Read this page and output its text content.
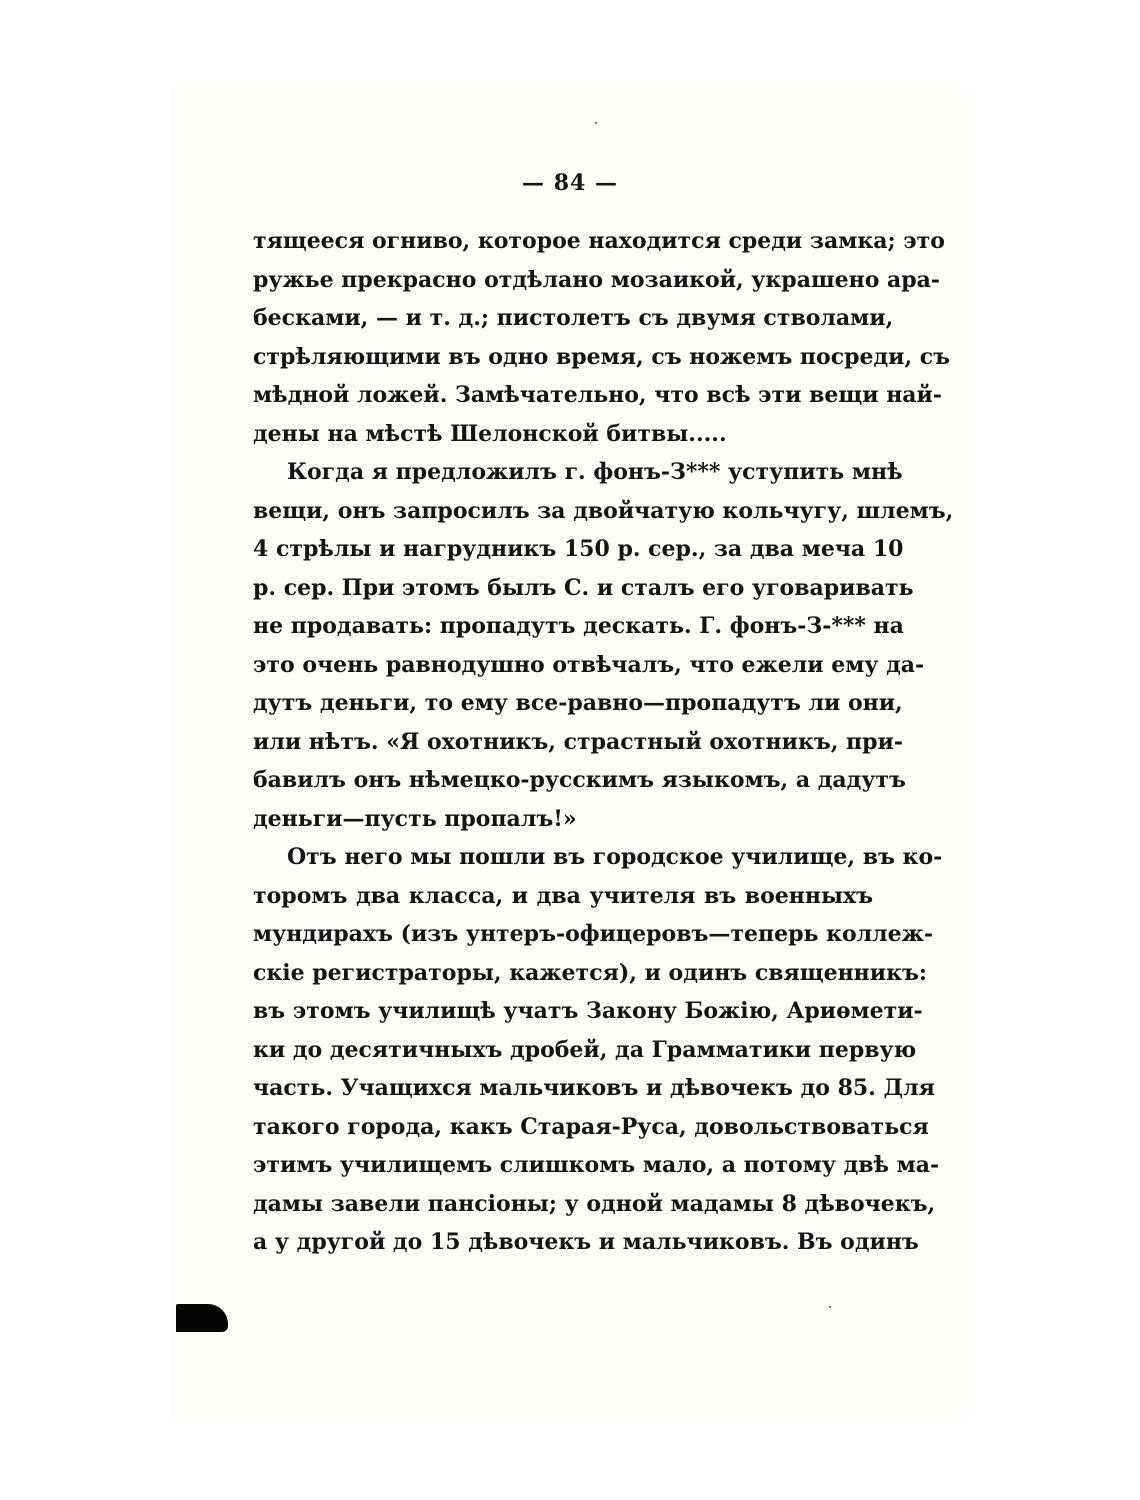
— 84 —
тящееся огниво, которое находится среди замка; это
ружье прекрасно отдѣлано мозаикой, украшено ара-
бесками, — и т. д.; пистолетъ съ двумя стволами,
стрѣляющими въ одно время, съ ножемъ посреди, съ
мѣдной ложей. Замѣчательно, что всѣ эти вещи най-
дены на мѣстѣ Шелонской битвы.....
Когда я предложилъ г. фонъ-З*** уступить мнѣ
вещи, онъ запросилъ за двойчатую кольчугу, шлемъ,
4 стрѣлы и нагрудникъ 150 р. сер., за два меча 10
р. сер. При этомъ былъ С. и сталъ его уговаривать
не продавать: пропадутъ дескать. Г. фонъ-З-*** на
это очень равнодушно отвѣчалъ, что ежели ему да-
дутъ деньги, то ему все-равно—пропадутъ ли они,
или нѣтъ. «Я охотникъ, страстный охотникъ, при-
бавилъ онъ нѣмецко-русскимъ языкомъ, а дадутъ
деньги—пусть пропалъ!»
Отъ него мы пошли въ городское училище, въ ко-
торомъ два класса, и два учителя въ военныхъ
мундирахъ (изъ унтеръ-офицеровъ—теперь коллеж-
скіе регистраторы, кажется), и одинъ священникъ:
въ этомъ училищѣ учатъ Закону Божію, Ариѳмети-
ки до десятичныхъ дробей, да Грамматики первую
часть. Учащихся мальчиковъ и дѣвочекъ до 85. Для
такого города, какъ Старая-Руса, довольствоваться
этимъ училищемъ слишкомъ мало, а потому двѣ ма-
дамы завели пансіоны; у одной мадамы 8 дѣвочекъ,
а у другой до 15 дѣвочекъ и мальчиковъ. Въ одинъ
